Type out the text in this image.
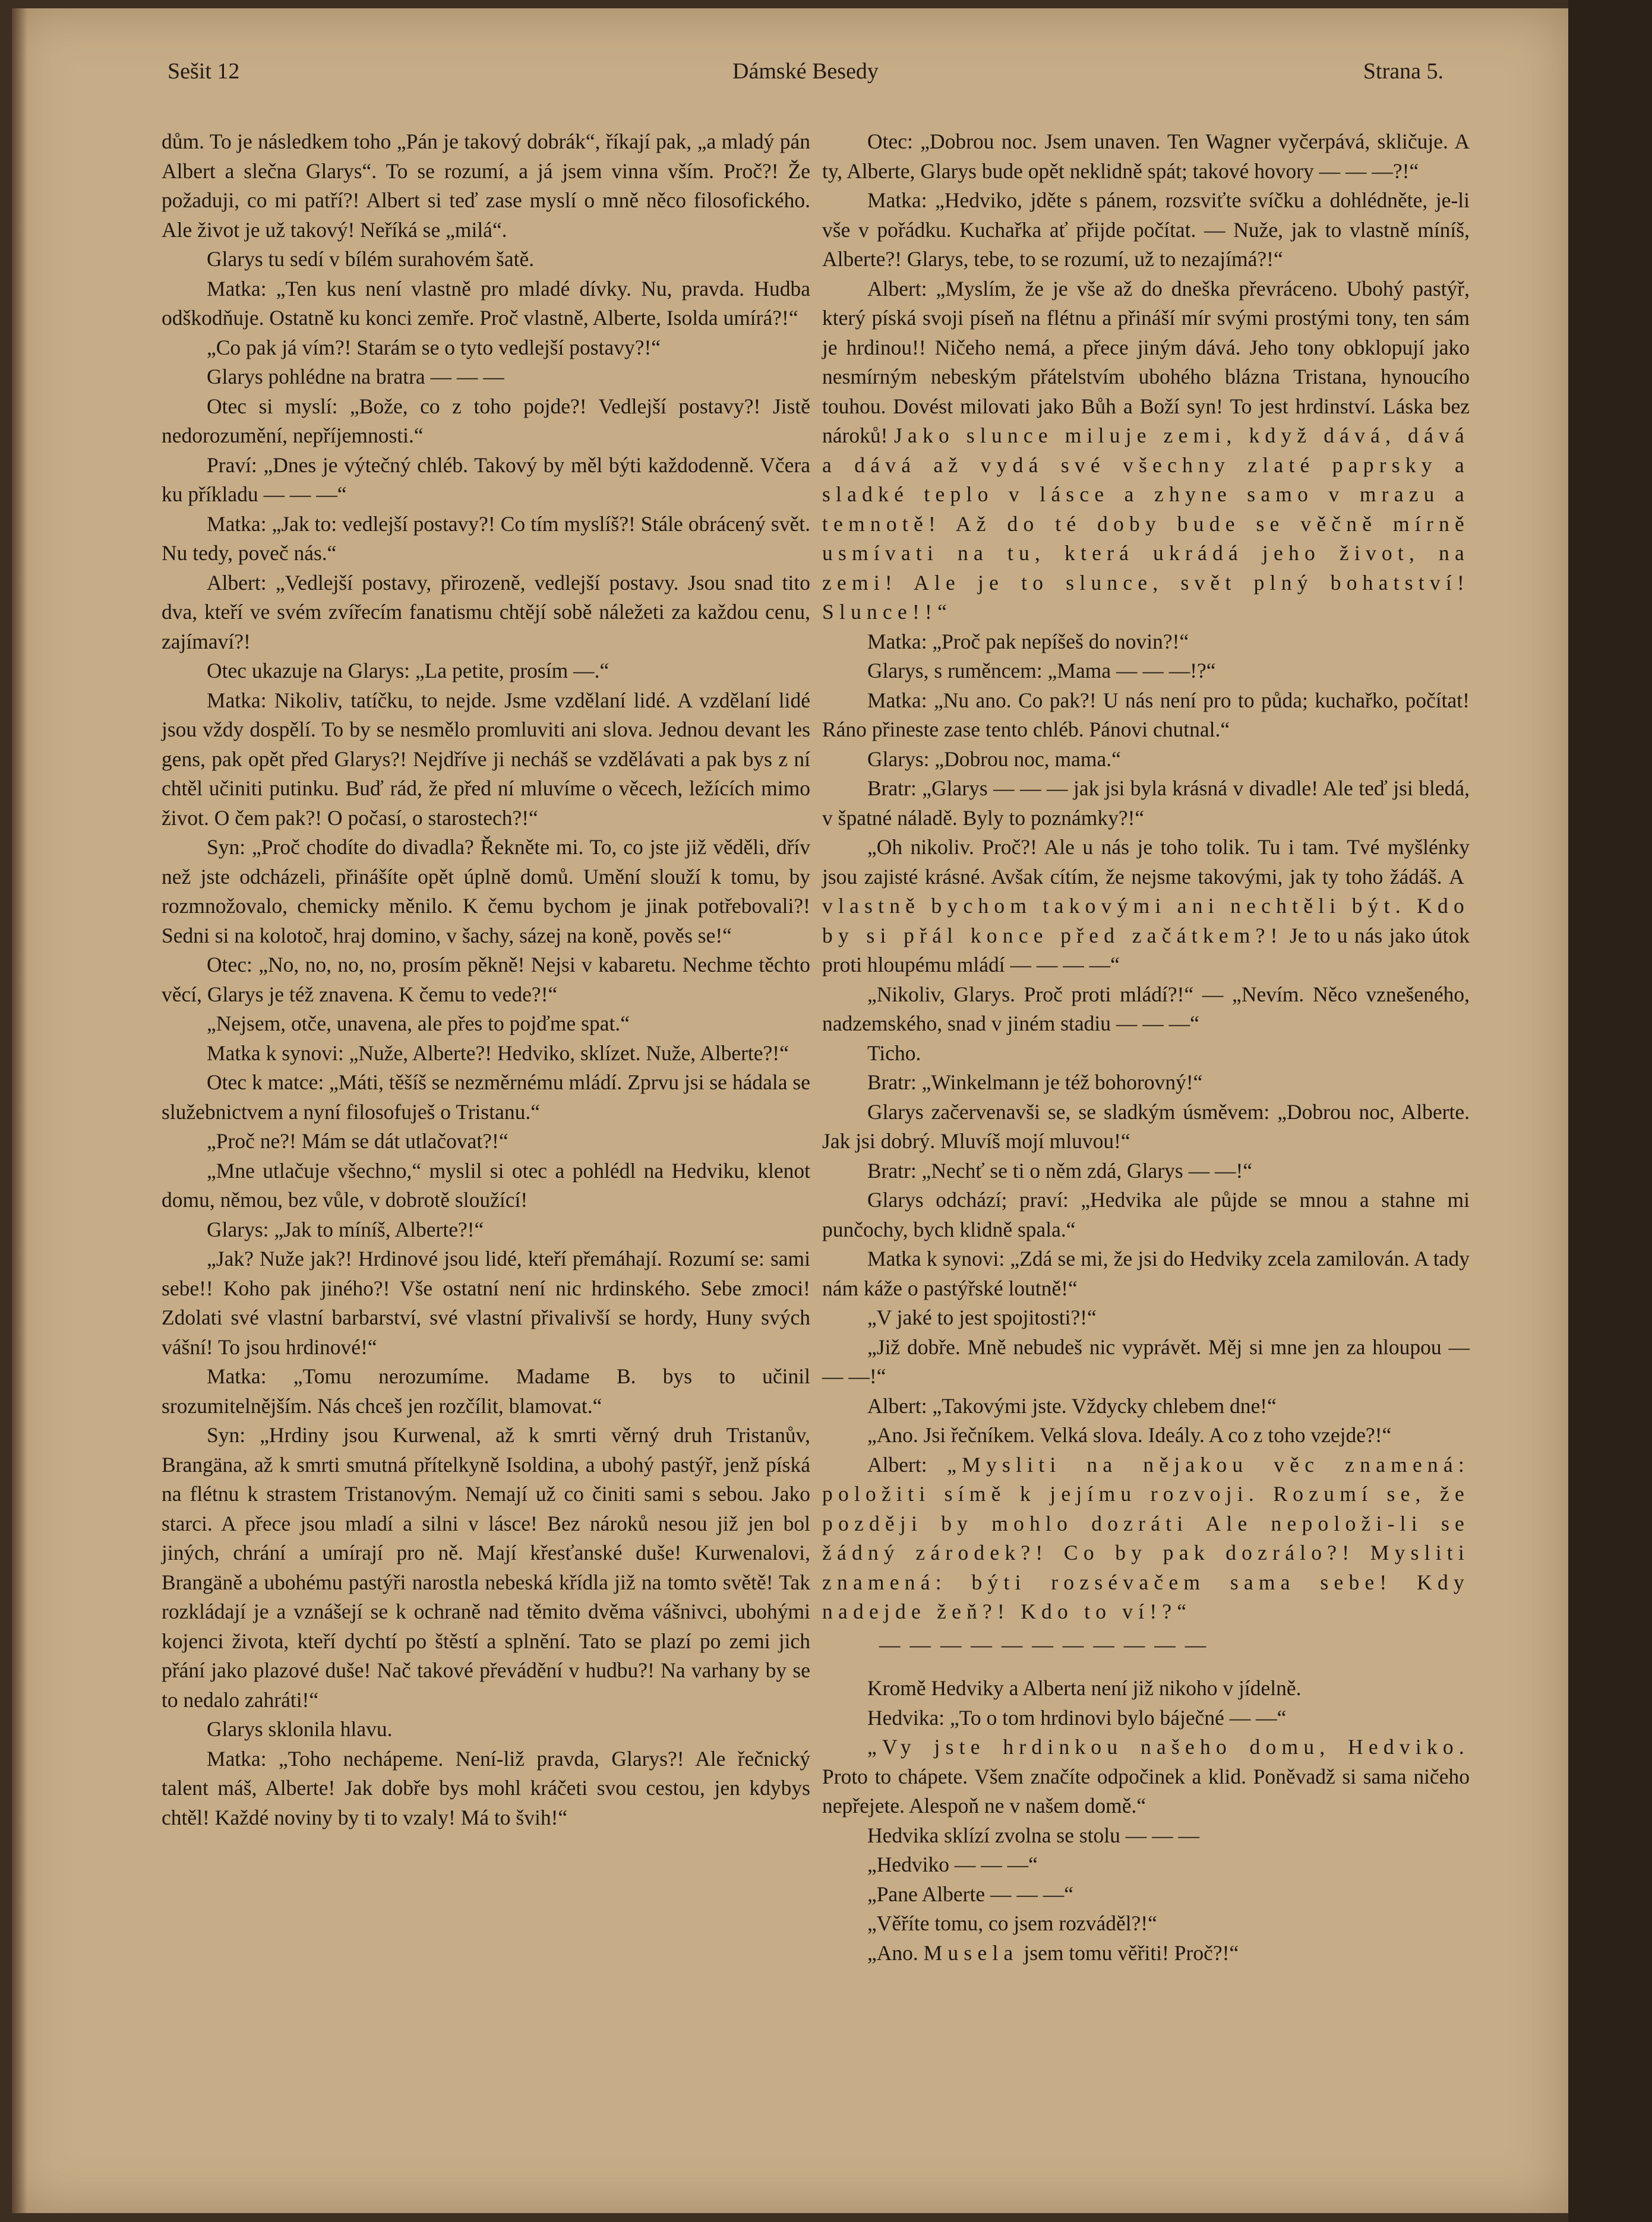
Sešit 12	Dámské Besedy	Strana 5.

dům. To je následkem toho „Pán je takový dobrák“, říkají pak, „a mladý pán Albert a slečna Glarys“. To se rozumí, a já jsem vinna vším. Proč?! Že požaduji, co mi patří?! Albert si teď zase myslí o mně něco filosofického. Ale život je už takový! Neříká se „milá“.

Glarys tu sedí v bílém surahovém šatě.

Matka: „Ten kus není vlastně pro mladé dívky. Nu, pravda. Hudba odškodňuje. Ostatně ku konci zemře. Proč vlastně, Alberte, Isolda umírá?!“

„Co pak já vím?! Starám se o tyto vedlejší postavy?!“

Glarys pohlédne na bratra — — —

Otec si myslí: „Bože, co z toho pojde?! Vedlejší postavy?! Jistě nedorozumění, nepříjemnosti.“

Praví: „Dnes je výtečný chléb. Takový by měl býti každodenně. Včera ku příkladu — — —“

Matka: „Jak to: vedlejší postavy?! Co tím myslíš?! Stále obrácený svět. Nu tedy, poveč nás.“

Albert: „Vedlejší postavy, přirozeně, vedlejší postavy. Jsou snad tito dva, kteří ve svém zvířecím fanatismu chtějí sobě náležeti za každou cenu, zajímaví?!

Otec ukazuje na Glarys: „La petite, prosím —.“

Matka: Nikoliv, tatíčku, to nejde. Jsme vzdělaní lidé. A vzdělaní lidé jsou vždy dospělí. To by se nesmělo promluviti ani slova. Jednou devant les gens, pak opět před Glarys?! Nejdříve ji necháš se vzdělávati a pak bys z ní chtěl učiniti putinku. Buď rád, že před ní mluvíme o věcech, ležících mimo život. O čem pak?! O počasí, o starostech?!“

Syn: „Proč chodíte do divadla? Řekněte mi. To, co jste již věděli, dřív než jste odcházeli, přinášíte opět úplně domů. Umění slouží k tomu, by rozmnožovalo, chemicky měnilo. K čemu bychom je jinak potřebovali?! Sedni si na kolotoč, hraj domino, v šachy, sázej na koně, pověs se!“

Otec: „No, no, no, no, prosím pěkně! Nejsi v kabaretu. Nechme těchto věcí, Glarys je též znavena. K čemu to vede?!“

„Nejsem, otče, unavena, ale přes to pojďme spat.“

Matka k synovi: „Nuže, Alberte?! Hedviko, sklízet. Nuže, Alberte?!“

Otec k matce: „Máti, těšíš se nezměrnému mládí. Zprvu jsi se hádala se služebnictvem a nyní filosofuješ o Tristanu.“

„Proč ne?! Mám se dát utlačovat?!“

„Mne utlačuje všechno,“ myslil si otec a pohlédl na Hedviku, klenot domu, němou, bez vůle, v dobrotě sloužící!

Glarys: „Jak to míníš, Alberte?!“

„Jak? Nuže jak?! Hrdinové jsou lidé, kteří přemáhají. Rozumí se: sami sebe!! Koho pak jiného?! Vše ostatní není nic hrdinského. Sebe zmoci! Zdolati své vlastní barbarství, své vlastní přivalivší se hordy, Huny svých vášní! To jsou hrdinové!“

Matka: „Tomu nerozumíme. Madame B. bys to učinil srozumitelnějším. Nás chceš jen rozčílit, blamovat.“

Syn: „Hrdiny jsou Kurwenal, až k smrti věrný druh Tristanův, Brangäna, až k smrti smutná přítelkyně Isoldina, a ubohý pastýř, jenž píská na flétnu k strastem Tristanovým. Nemají už co činiti sami s sebou. Jako starci. A přece jsou mladí a silni v lásce! Bez nároků nesou již jen bol jiných, chrání a umírají pro ně. Mají křesťanské duše! Kurwenalovi, Brangäně a ubohému pastýři narostla nebeská křídla již na tomto světě! Tak rozkládají je a vznášejí se k ochraně nad těmito dvěma vášnivci, ubohými kojenci života, kteří dychtí po štěstí a splnění. Tato se plazí po zemi jich přání jako plazové duše! Nač takové převádění v hudbu?! Na varhany by se to nedalo zahráti!“

Glarys sklonila hlavu.

Matka: „Toho nechápeme. Není-liž pravda, Glarys?! Ale řečnický talent máš, Alberte! Jak dobře bys mohl kráčeti svou cestou, jen kdybys chtěl! Každé noviny by ti to vzaly! Má to švih!“

Otec: „Dobrou noc. Jsem unaven. Ten Wagner vyčerpává, skličuje. A ty, Alberte, Glarys bude opět neklidně spát; takové hovory — — —?!“

Matka: „Hedviko, jděte s pánem, rozsviťte svíčku a dohlédněte, je-li vše v pořádku. Kuchařka ať přijde počítat. — Nuže, jak to vlastně míníš, Alberte?! Glarys, tebe, to se rozumí, už to nezajímá?!“

Albert: „Myslím, že je vše až do dneška převráceno. Ubohý pastýř, který píská svoji píseň na flétnu a přináší mír svými prostými tony, ten sám je hrdinou!! Ničeho nemá, a přece jiným dává. Jeho tony obklopují jako nesmírným nebeským přátelstvím ubohého blázna Tristana, hynoucího touhou. Dovést milovati jako Bůh a Boží syn! To jest hrdinství. Láska bez nároků! Jako slunce miluje zemi, když dává, dává a dává až vydá své všechny zlaté paprsky a sladké teplo v lásce a zhyne samo v mrazu a temnotě! Až do té doby bude se věčně mírně usmívati na tu, která ukrádá jeho život, na zemi! Ale je to slunce, svět plný bohatství! Slunce!!“

Matka: „Proč pak nepíšeš do novin?!“

Glarys, s ruměncem: „Mama — — —!?“

Matka: „Nu ano. Co pak?! U nás není pro to půda; kuchařko, počítat! Ráno přineste zase tento chléb. Pánovi chutnal.“

Glarys: „Dobrou noc, mama.“

Bratr: „Glarys — — — jak jsi byla krásná v divadle! Ale teď jsi bledá, v špatné náladě. Byly to poznámky?!“

„Oh nikoliv. Proč?! Ale u nás je toho tolik. Tu i tam. Tvé myšlénky jsou zajisté krásné. Avšak cítím, že nejsme takovými, jak ty toho žádáš. A vlastně bychom takovými ani nechtěli být. Kdo by si přál konce před začátkem?! Je to u nás jako útok proti hloupému mládí — — — —“

„Nikoliv, Glarys. Proč proti mládí?!“ — „Nevím. Něco vznešeného, nadzemského, snad v jiném stadiu — — —“

Ticho.

Bratr: „Winkelmann je též bohorovný!“

Glarys začervenavši se, se sladkým úsměvem: „Dobrou noc, Alberte. Jak jsi dobrý. Mluvíš mojí mluvou!“

Bratr: „Nechť se ti o něm zdá, Glarys — —!“

Glarys odchází; praví: „Hedvika ale půjde se mnou a stahne mi punčochy, bych klidně spala.“

Matka k synovi: „Zdá se mi, že jsi do Hedviky zcela zamilován. A tady nám káže o pastýřské loutně!“

„V jaké to jest spojitosti?!“

„Již dobře. Mně nebudeš nic vyprávět. Měj si mne jen za hloupou — — —!“

Albert: „Takovými jste. Vždycky chlebem dne!“

„Ano. Jsi řečníkem. Velká slova. Ideály. A co z toho vzejde?!“

Albert: „Mysliti na nějakou věc znamená: položiti símě k jejímu rozvoji. Rozumí se, že později by mohlo dozráti Ale nepoloži-li se žádný zárodek?! Co by pak dozrálo?! Mysliti znamená: býti rozsévačem sama sebe! Kdy nadejde žeň?! Kdo to ví!?“

— — — — — — — — — — —

Kromě Hedviky a Alberta není již nikoho v jídelně.

Hedvika: „To o tom hrdinovi bylo báječné — —“

„Vy jste hrdinkou našeho domu, Hedviko. Proto to chápete. Všem značíte odpočinek a klid. Poněvadž si sama ničeho nepřejete. Alespoň ne v našem domě.“

Hedvika sklízí zvolna se stolu — — —

„Hedviko — — —“

„Pane Alberte — — —“

„Věříte tomu, co jsem rozváděl?!“

„Ano. Musela jsem tomu věřiti! Proč?!“
